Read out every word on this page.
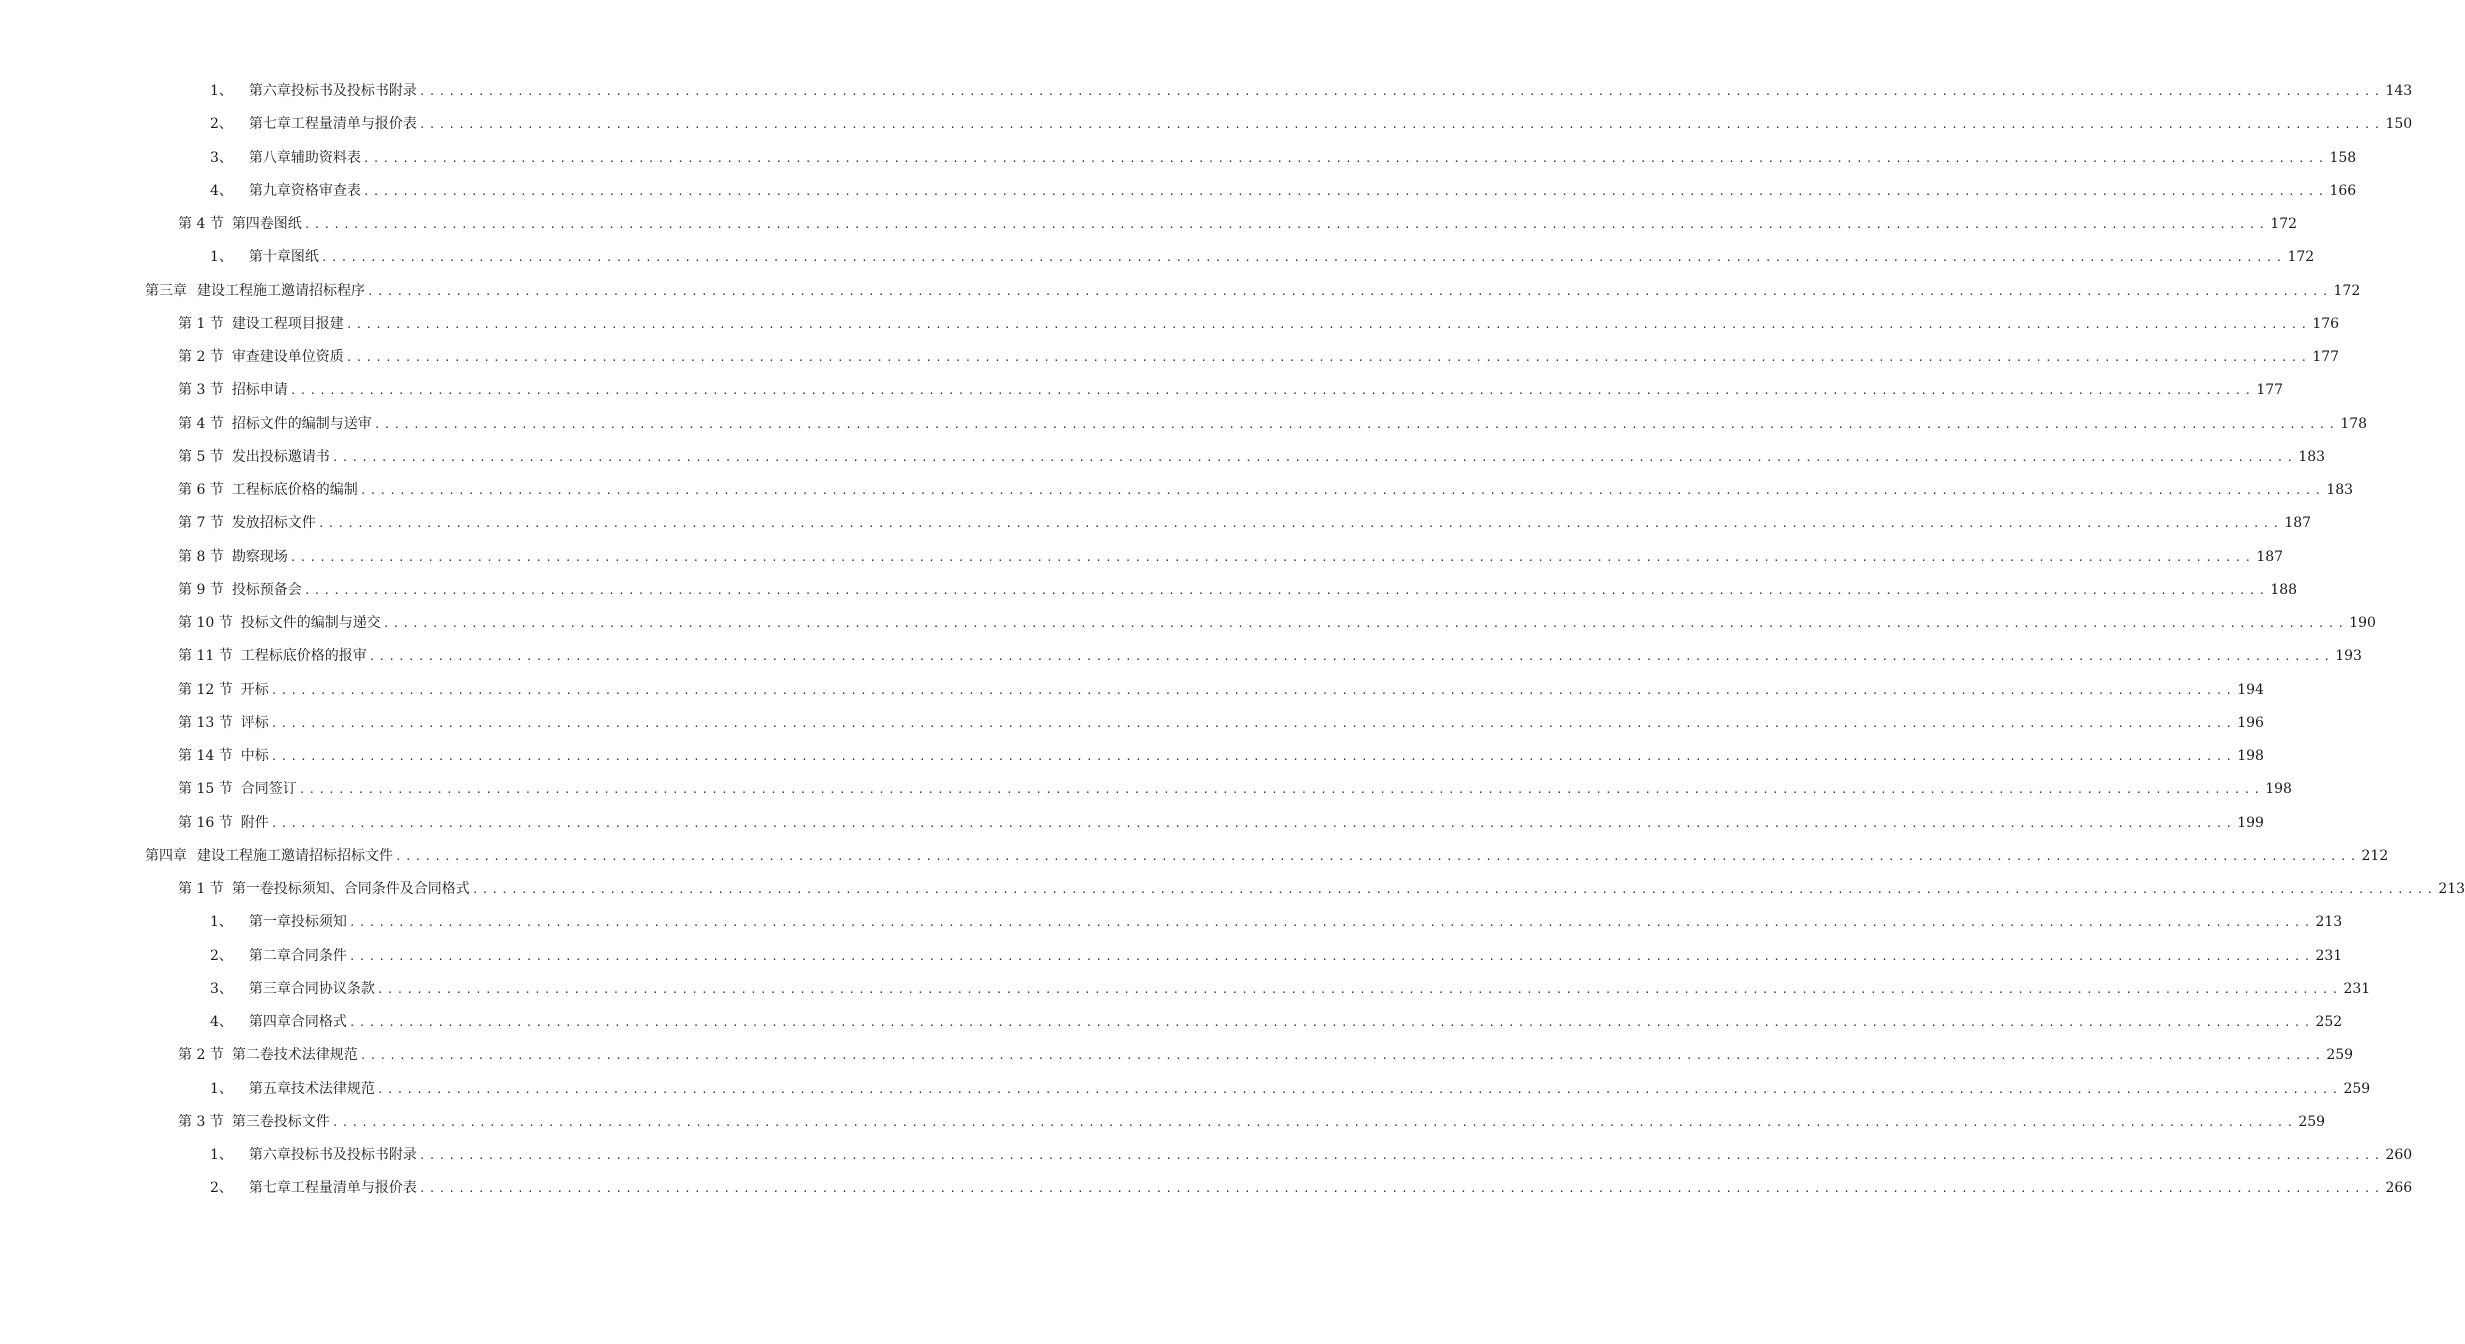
1、 第六章投标书及投标书附录 ........................................................................................................................................................................................................ 143
2、 第七章工程量清单与报价表 ........................................................................................................................................................................................................ 150
3、 第八章辅助资料表 ........................................................................................................................................................................................................ 158
4、 第九章资格审查表 ........................................................................................................................................................................................................ 166
第 4 节 第四卷图纸 ........................................................................................................................................................................................................ 172
1、 第十章图纸 ........................................................................................................................................................................................................ 172
第三章 建设工程施工邀请招标程序 ........................................................................................................................................................................................................ 172
第 1 节 建设工程项目报建 ........................................................................................................................................................................................................ 176
第 2 节 审查建设单位资质 ........................................................................................................................................................................................................ 177
第 3 节 招标申请 ........................................................................................................................................................................................................ 177
第 4 节 招标文件的编制与送审 ........................................................................................................................................................................................................ 178
第 5 节 发出投标邀请书 ........................................................................................................................................................................................................ 183
第 6 节 工程标底价格的编制 ........................................................................................................................................................................................................ 183
第 7 节 发放招标文件 ........................................................................................................................................................................................................ 187
第 8 节 勘察现场 ........................................................................................................................................................................................................ 187
第 9 节 投标预备会 ........................................................................................................................................................................................................ 188
第 10 节 投标文件的编制与递交 ........................................................................................................................................................................................................ 190
第 11 节 工程标底价格的报审 ........................................................................................................................................................................................................ 193
第 12 节 开标 ........................................................................................................................................................................................................ 194
第 13 节 评标 ........................................................................................................................................................................................................ 196
第 14 节 中标 ........................................................................................................................................................................................................ 198
第 15 节 合同签订 ........................................................................................................................................................................................................ 198
第 16 节 附件 ........................................................................................................................................................................................................ 199
第四章 建设工程施工邀请招标招标文件 ........................................................................................................................................................................................................ 212
第 1 节 第一卷投标须知、合同条件及合同格式 ........................................................................................................................................................................................................ 213
1、 第一章投标须知 ........................................................................................................................................................................................................ 213
2、 第二章合同条件 ........................................................................................................................................................................................................ 231
3、 第三章合同协议条款 ........................................................................................................................................................................................................ 231
4、 第四章合同格式 ........................................................................................................................................................................................................ 252
第 2 节 第二卷技术法律规范 ........................................................................................................................................................................................................ 259
1、 第五章技术法律规范 ........................................................................................................................................................................................................ 259
第 3 节 第三卷投标文件 ........................................................................................................................................................................................................ 259
1、 第六章投标书及投标书附录 ........................................................................................................................................................................................................ 260
2、 第七章工程量清单与报价表 ........................................................................................................................................................................................................ 266
